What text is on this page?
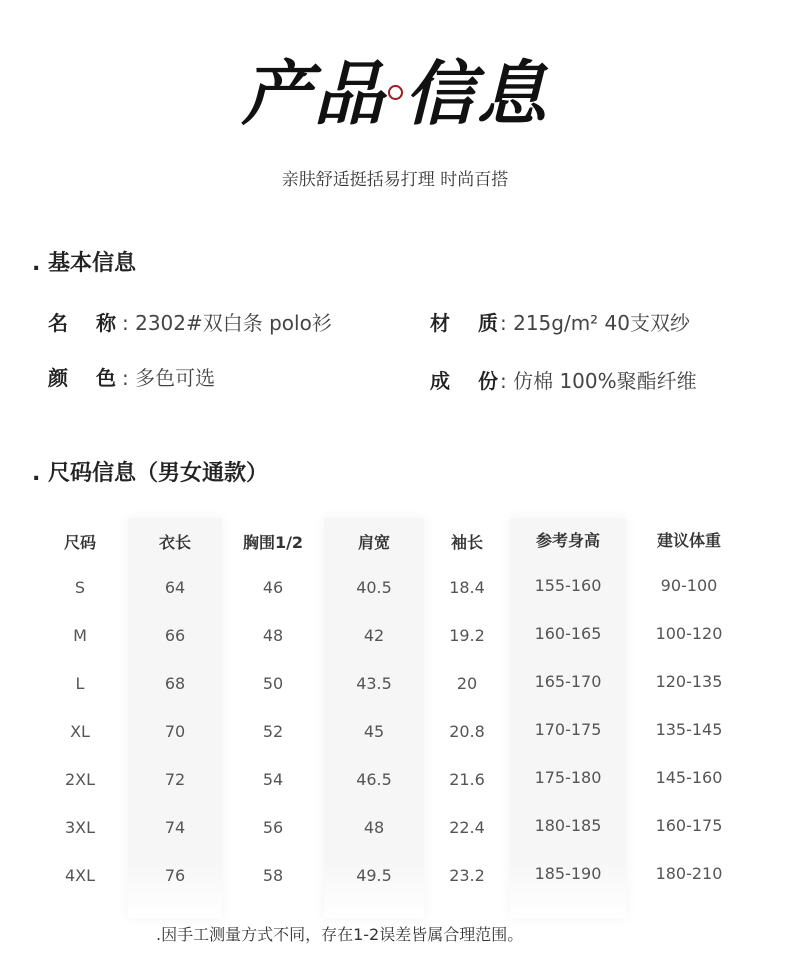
产品 信息
亲肤舒适挺括易打理 时尚百搭
. 基本信息
名 称 : 2302#双白条 polo衫
颜 色 : 多色可选
材 质 : 215g/m² 40支双纱
成 份 : 仿棉 100%聚酯纤维
. 尺码信息（男女通款）
尺码
S
M
L
XL
2XL
3XL
4XL
衣长
64
66
68
70
72
74
76
胸围1/2
46
48
50
52
54
56
58
肩宽
40.5
42
43.5
45
46.5
48
49.5
袖长
18.4
19.2
20
20.8
21.6
22.4
23.2
参考身高
155-160
160-165
165-170
170-175
175-180
180-185
185-190
建议体重
90-100
100-120
120-135
135-145
145-160
160-175
180-210
.因手工测量方式不同，存在1-2误差皆属合理范围。
